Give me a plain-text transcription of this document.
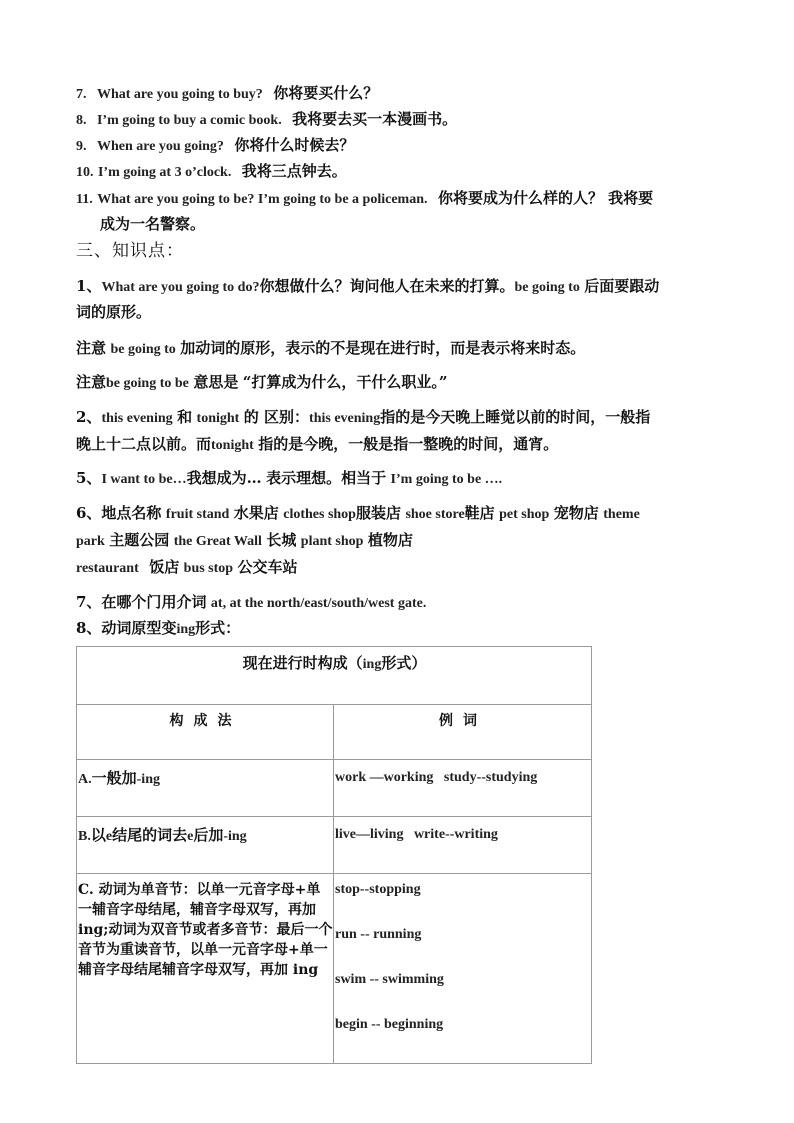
7. What are you going to buy? 你将要买什么？
8. I’m going to buy a comic book. 我将要去买一本漫画书。
9. When are you going? 你将什么时候去？
10. I’m going at 3 o’clock. 我将三点钟去。
11. What are you going to be? I’m going to be a policeman. 你将要成为什么样的人？ 我将要
成为一名警察。
三、知识点：
1、What are you going to do?你想做什么？询问他人在未来的打算。be going to 后面要跟动
词的原形。
注意 be going to 加动词的原形，表示的不是现在进行时，而是表示将来时态。
注意be going to be 意思是 “打算成为什么，干什么职业。”
2、this evening 和 tonight 的 区别：this evening指的是今天晚上睡觉以前的时间，一般指
晚上十二点以前。而tonight 指的是今晚，一般是指一整晚的时间，通宵。
5、I want to be…我想成为… 表示理想。相当于 I’m going to be ….
6、地点名称 fruit stand 水果店 clothes shop服装店 shoe store鞋店 pet shop 宠物店 theme
park 主题公园 the Great Wall 长城 plant shop 植物店
restaurant 饭店 bus stop 公交车站
7、在哪个门用介词 at, at the north/east/south/west gate.
8、动词原型变ing形式：
现在进行时构成（ing形式）	
构成法	例词
A.一般加-ing	work —working   study--studying
B.以e结尾的词去e后加-ing	live—living   write--writing
C. 动词为单音节：以单一元音字母+单一辅音字母结尾，辅音字母双写，再加 ing;动词为双音节或者多音节：最后一个音节为重读音节，以单一元音字母+单一辅音字母结尾辅音字母双写，再加 ing	stop--stopping

run -- running

swim -- swimming

begin -- beginning
